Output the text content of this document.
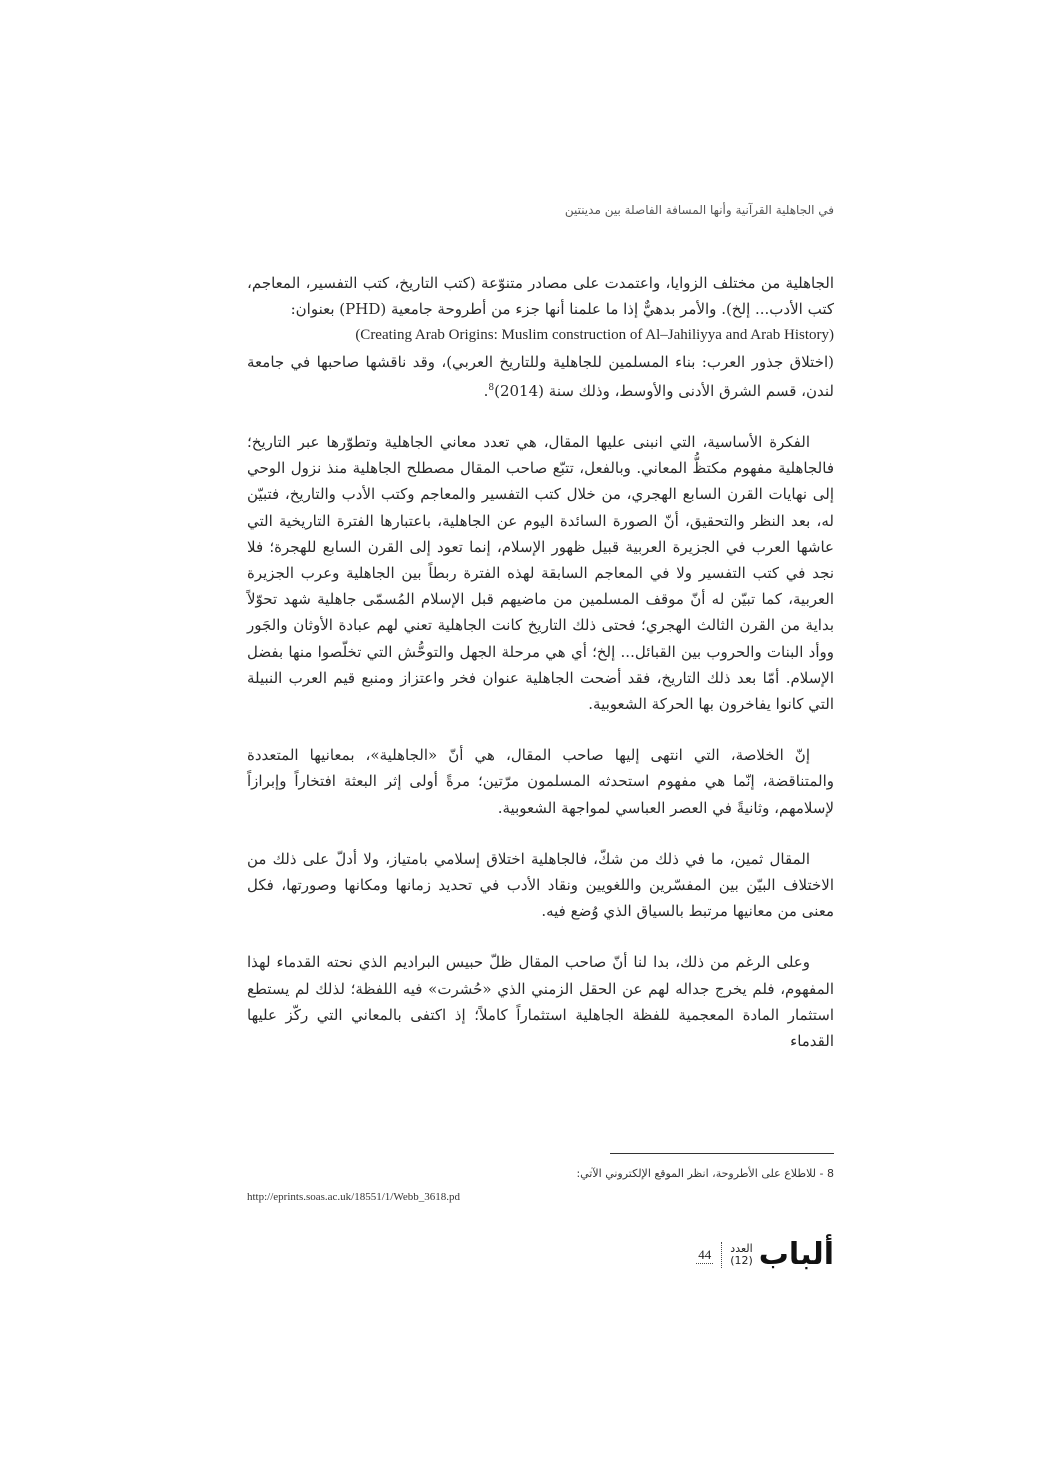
في الجاهلية القرآنية وأنها المسافة الفاصلة بين مدينتين

الجاهلية من مختلف الزوايا، واعتمدت على مصادر متنوّعة (كتب التاريخ، كتب التفسير، المعاجم، كتب الأدب... إلخ). والأمر بدهيٌّ إذا ما علمنا أنها جزء من أطروحة جامعية (PHD) بعنوان:
(Creating Arab Origins: Muslim construction of Al–Jahiliyya and Arab History)
(اختلاق جذور العرب: بناء المسلمين للجاهلية وللتاريخ العربي)، وقد ناقشها صاحبها في جامعة لندن، قسم الشرق الأدنى والأوسط، وذلك سنة $(2014)^8$.

الفكرة الأساسية، التي انبنى عليها المقال، هي تعدد معاني الجاهلية وتطوّرها عبر التاريخ؛ فالجاهلية مفهوم مكتظُّ المعاني. وبالفعل، تتبّع صاحب المقال مصطلح الجاهلية منذ نزول الوحي إلى نهايات القرن السابع الهجري، من خلال كتب التفسير والمعاجم وكتب الأدب والتاريخ، فتبيّن له، بعد النظر والتحقيق، أنّ الصورة السائدة اليوم عن الجاهلية، باعتبارها الفترة التاريخية التي عاشها العرب في الجزيرة العربية قبيل ظهور الإسلام، إنما تعود إلى القرن السابع للهجرة؛ فلا نجد في كتب التفسير ولا في المعاجم السابقة لهذه الفترة ربطاً بين الجاهلية وعرب الجزيرة العربية، كما تبيّن له أنّ موقف المسلمين من ماضيهم قبل الإسلام المُسمّى جاهلية شهد تحوّلاً بداية من القرن الثالث الهجري؛ فحتى ذلك التاريخ كانت الجاهلية تعني لهم عبادة الأوثان والجَور ووأد البنات والحروب بين القبائل... إلخ؛ أي هي مرحلة الجهل والتوحُّش التي تخلّصوا منها بفضل الإسلام. أمّا بعد ذلك التاريخ، فقد أضحت الجاهلية عنوان فخر واعتزاز ومنبع قيم العرب النبيلة التي كانوا يفاخرون بها الحركة الشعوبية.

إنّ الخلاصة، التي انتهى إليها صاحب المقال، هي أنّ «الجاهلية»، بمعانيها المتعددة والمتناقضة، إنّما هي مفهوم استحدثه المسلمون مرّتين؛ مرةً أولى إثر البعثة افتخاراً وإبرازاً لإسلامهم، وثانيةً في العصر العباسي لمواجهة الشعوبية.

المقال ثمين، ما في ذلك من شكّ، فالجاهلية اختلاق إسلامي بامتياز، ولا أدلّ على ذلك من الاختلاف البيّن بين المفسّرين واللغويين ونقاد الأدب في تحديد زمانها ومكانها وصورتها، فكل معنى من معانيها مرتبط بالسياق الذي وُضع فيه.

وعلى الرغم من ذلك، بدا لنا أنّ صاحب المقال ظلّ حبيس البراديم الذي نحته القدماء لهذا المفهوم، فلم يخرج جداله لهم عن الحقل الزمني الذي «حُشرت» فيه اللفظة؛ لذلك لم يستطع استثمار المادة المعجمية للفظة الجاهلية استثماراً كاملاً؛ إذ اكتفى بالمعاني التي ركّز عليها القدماء

8 - للاطلاع على الأطروحة، انظر الموقع الإلكتروني الآتي:
http://eprints.soas.ac.uk/18551/1/Webb_3618.pd
ألباب
العدد
(12)
44
